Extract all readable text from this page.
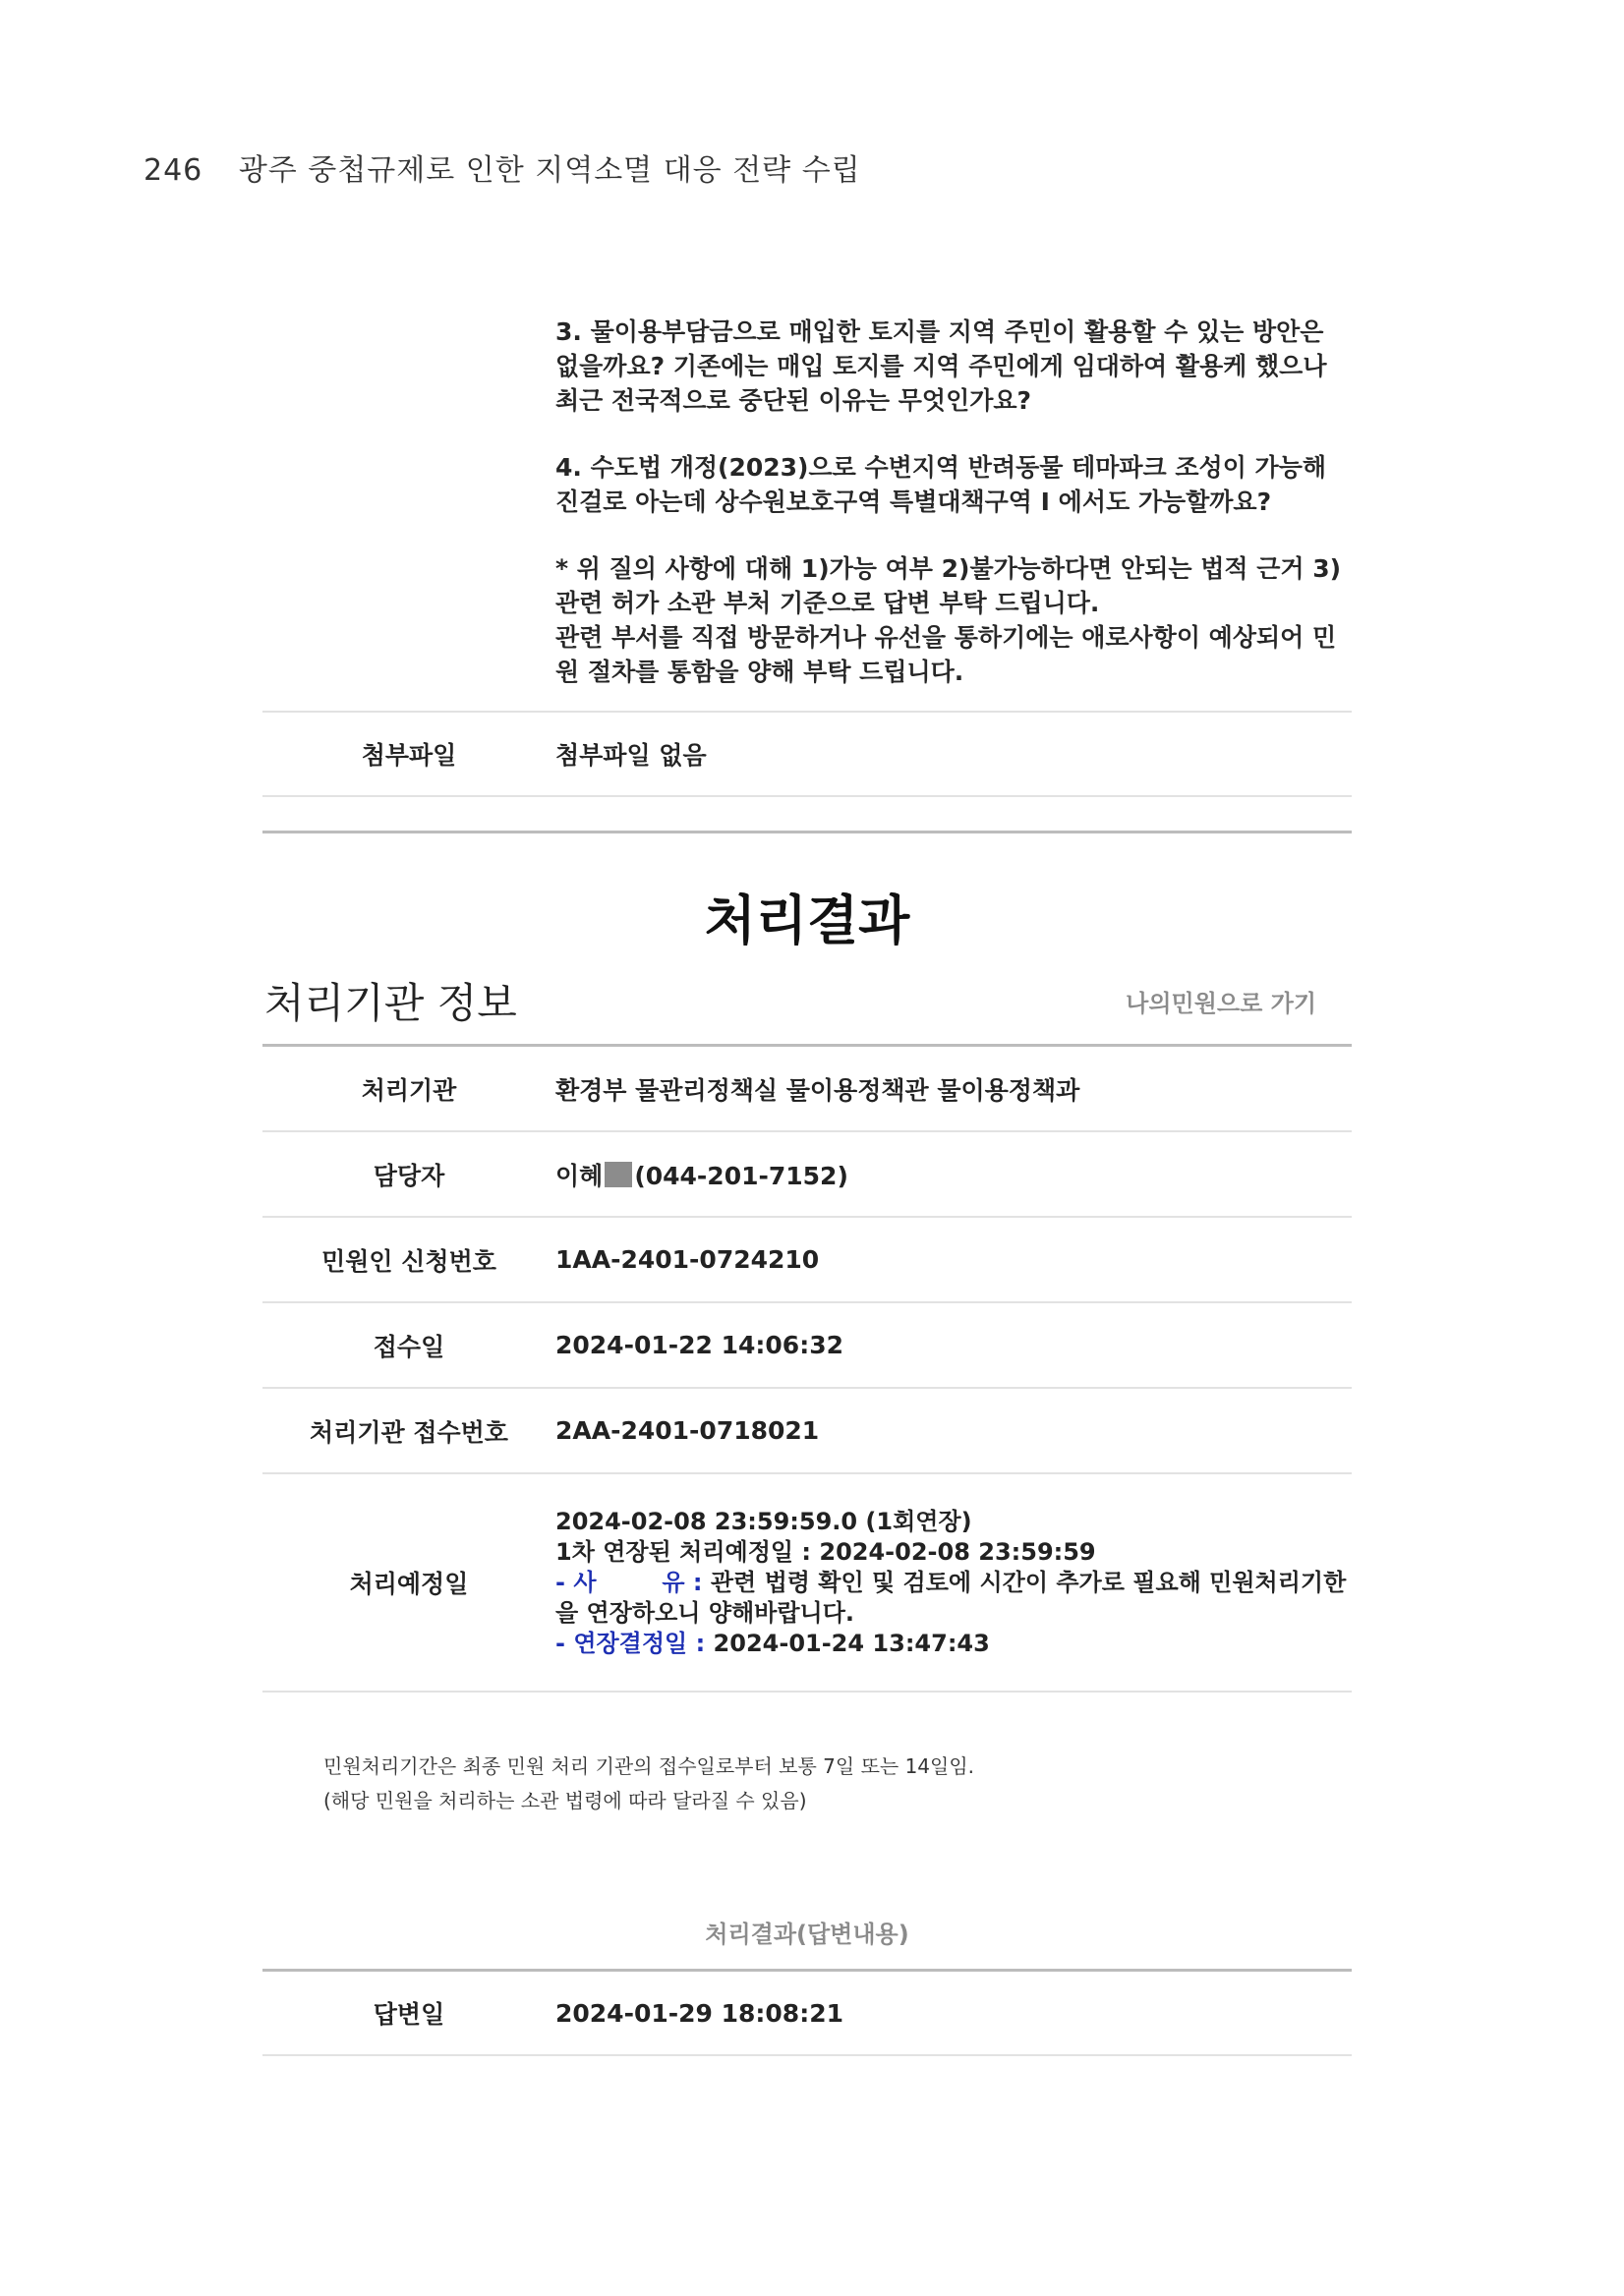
246 광주 중첩규제로 인한 지역소멸 대응 전략 수립

3. 물이용부담금으로 매입한 토지를 지역 주민이 활용할 수 있는 방안은 없을까요? 기존에는 매입 토지를 지역 주민에게 임대하여 활용케 했으나 최근 전국적으로 중단된 이유는 무엇인가요?

4. 수도법 개정(2023)으로 수변지역 반려동물 테마파크 조성이 가능해진걸로 아는데 상수원보호구역 특별대책구역 I 에서도 가능할까요?

* 위 질의 사항에 대해 1)가능 여부 2)불가능하다면 안되는 법적 근거 3) 관련 허가 소관 부처 기준으로 답변 부탁 드립니다.
관련 부서를 직접 방문하거나 유선을 통하기에는 애로사항이 예상되어 민원 절차를 통함을 양해 부탁 드립니다.

첨부파일	첨부파일 없음
처리결과
처리기관 정보	나의민원으로 가기
처리기관	환경부 물관리정책실 물이용정책관 물이용정책과
담당자	이혜 (044-201-7152)
민원인 신청번호	1AA-2401-0724210
접수일	2024-01-22 14:06:32
처리기관 접수번호	2AA-2401-0718021
처리예정일
2024-02-08 23:59:59.0 (1회연장)
1차 연장된 처리예정일 : 2024-02-08 23:59:59
- 사        유 : 관련 법령 확인 및 검토에 시간이 추가로 필요해 민원처리기한을 연장하오니 양해바랍니다.
- 연장결정일 : 2024-01-24 13:47:43
민원처리기간은 최종 민원 처리 기관의 접수일로부터 보통 7일 또는 14일임.
(해당 민원을 처리하는 소관 법령에 따라 달라질 수 있음)
처리결과(답변내용)
답변일	2024-01-29 18:08:21
